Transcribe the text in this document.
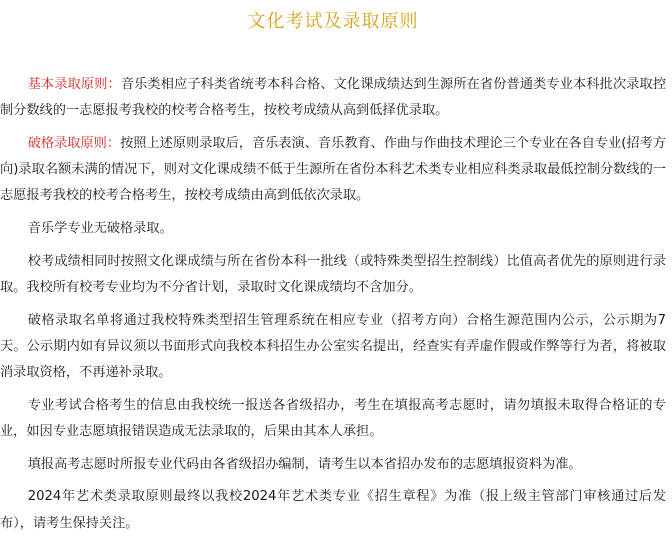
文化考试及录取原则

基本录取原则：音乐类相应子科类省统考本科合格、文化课成绩达到生源所在省份普通类专业本科批次录取控制分数线的一志愿报考我校的校考合格考生，按校考成绩从高到低择优录取。

破格录取原则：按照上述原则录取后，音乐表演、音乐教育、作曲与作曲技术理论三个专业在各自专业(招考方向)录取名额未满的情况下，则对文化课成绩不低于生源所在省份本科艺术类专业相应科类录取最低控制分数线的一志愿报考我校的校考合格考生，按校考成绩由高到低依次录取。

音乐学专业无破格录取。

校考成绩相同时按照文化课成绩与所在省份本科一批线（或特殊类型招生控制线）比值高者优先的原则进行录取。我校所有校考专业均为不分省计划，录取时文化课成绩均不含加分。

破格录取名单将通过我校特殊类型招生管理系统在相应专业（招考方向）合格生源范围内公示，公示期为7天。公示期内如有异议须以书面形式向我校本科招生办公室实名提出，经查实有弄虚作假或作弊等行为者，将被取消录取资格，不再递补录取。

专业考试合格考生的信息由我校统一报送各省级招办，考生在填报高考志愿时，请勿填报未取得合格证的专业，如因专业志愿填报错误造成无法录取的，后果由其本人承担。

填报高考志愿时所报专业代码由各省级招办编制，请考生以本省招办发布的志愿填报资料为准。

2024年艺术类录取原则最终以我校2024年艺术类专业《招生章程》为准（报上级主管部门审核通过后发布），请考生保持关注。
